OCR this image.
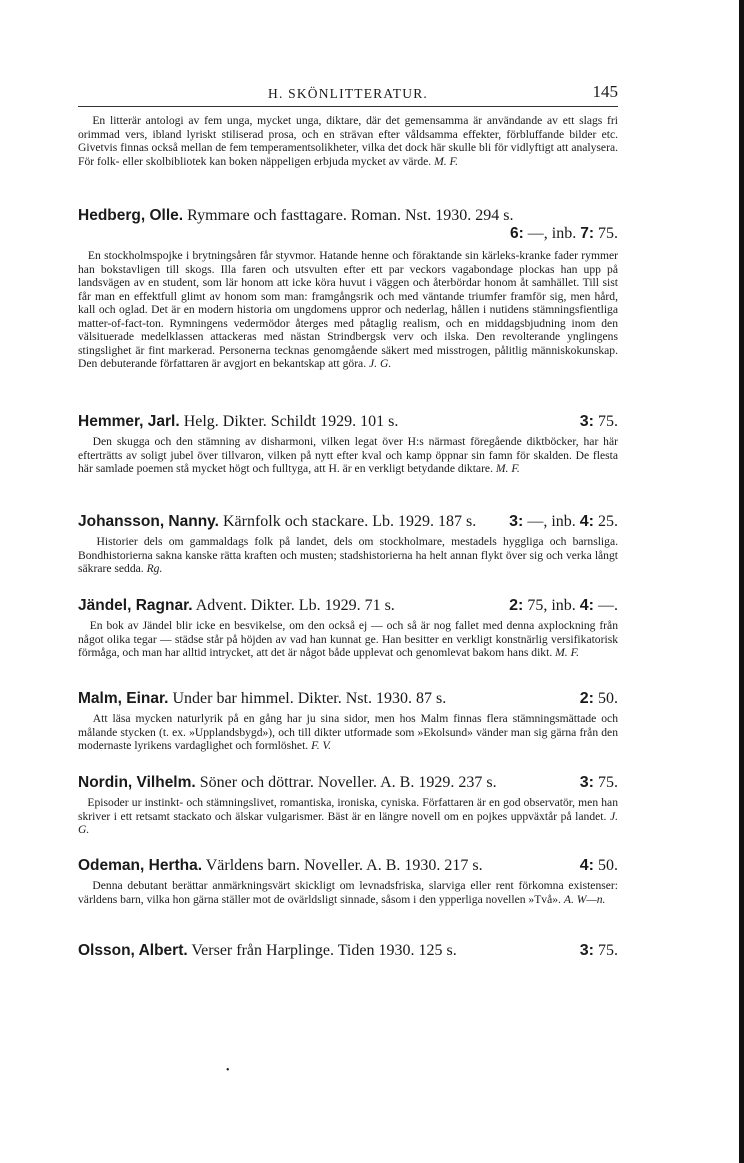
H. SKÖNLITTERATUR.	145

En litterär antologi av fem unga, mycket unga, diktare, där det gemensamma är användande av ett slags fri orimmad vers, ibland lyriskt stiliserad prosa, och en strävan efter våldsamma effekter, förbluffande bilder etc. Givetvis finnas också mellan de fem temperamentsolikheter, vilka det dock här skulle bli för vidlyftigt att analysera. För folk- eller skolbibliotek kan boken näppeligen erbjuda mycket av värde. M. F.

Hedberg, Olle. Rymmare och fasttagare. Roman. Nst. 1930. 294 s.
6: —, inb. 7: 75.

En stockholmspojke i brytningsåren får styvmor. Hatande henne och föraktande sin kärleks-kranke fader rymmer han bokstavligen till skogs. Illa faren och utsvulten efter ett par veckors vagabondage plockas han upp på landsvägen av en student, som lär honom att icke köra huvut i väggen och återbördar honom åt samhället. Till sist får man en effektfull glimt av honom som man: framgångsrik och med väntande triumfer framför sig, men hård, kall och oglad. Det är en modern historia om ungdomens uppror och nederlag, hållen i nutidens stämningsfientliga matter-of-fact-ton. Rymningens vedermödor återges med påtaglig realism, och en middagsbjudning inom den välsituerade medelklassen attackeras med nästan Strindbergsk verv och ilska. Den revolterande ynglingens stingslighet är fint markerad. Personerna tecknas genomgående säkert med misstrogen, pålitlig människokunskap. Den debuterande författaren är avgjort en bekantskap att göra. J. G.

Hemmer, Jarl. Helg. Dikter. Schildt 1929. 101 s.	3: 75.

Den skugga och den stämning av disharmoni, vilken legat över H:s närmast föregående diktböcker, har här efterträtts av soligt jubel över tillvaron, vilken på nytt efter kval och kamp öppnar sin famn för skalden. De flesta här samlade poemen stå mycket högt och fulltyga, att H. är en verkligt betydande diktare. M. F.

Johansson, Nanny. Kärnfolk och stackare. Lb. 1929. 187 s. 3: —, inb. 4: 25.

Historier dels om gammaldags folk på landet, dels om stockholmare, mestadels hyggliga och barnsliga. Bondhistorierna sakna kanske rätta kraften och musten; stadshistorierna ha helt annan flykt över sig och verka långt säkrare sedda. Rg.

Jändel, Ragnar. Advent. Dikter. Lb. 1929. 71 s.	2: 75, inb. 4: —.

En bok av Jändel blir icke en besvikelse, om den också ej — och så är nog fallet med denna axplockning från något olika tegar — städse står på höjden av vad han kunnat ge. Han besitter en verkligt konstnärlig versifikatorisk förmåga, och man har alltid intrycket, att det är något både upplevat och genomlevat bakom hans dikt. M. F.

Malm, Einar. Under bar himmel. Dikter. Nst. 1930. 87 s.	2: 50.

Att läsa mycken naturlyrik på en gång har ju sina sidor, men hos Malm finnas flera stämningsmättade och målande stycken (t. ex. »Upplandsbygd»), och till dikter utformade som »Ekolsund» vänder man sig gärna från den modernaste lyrikens vardaglighet och formlöshet. F. V.

Nordin, Vilhelm. Söner och döttrar. Noveller. A. B. 1929. 237 s.	3: 75.

Episoder ur instinkt- och stämningslivet, romantiska, ironiska, cyniska. Författaren är en god observatör, men han skriver i ett retsamt stackato och älskar vulgarismer. Bäst är en längre novell om en pojkes uppväxtår på landet. J. G.

Odeman, Hertha. Världens barn. Noveller. A. B. 1930. 217 s.	4: 50.

Denna debutant berättar anmärkningsvärt skickligt om levnadsfriska, slarviga eller rent förkomna existenser: världens barn, vilka hon gärna ställer mot de ovärldsligt sinnade, såsom i den ypperliga novellen »Två». A. W—n.

Olsson, Albert. Verser från Harplinge. Tiden 1930. 125 s.	3: 75.
•
